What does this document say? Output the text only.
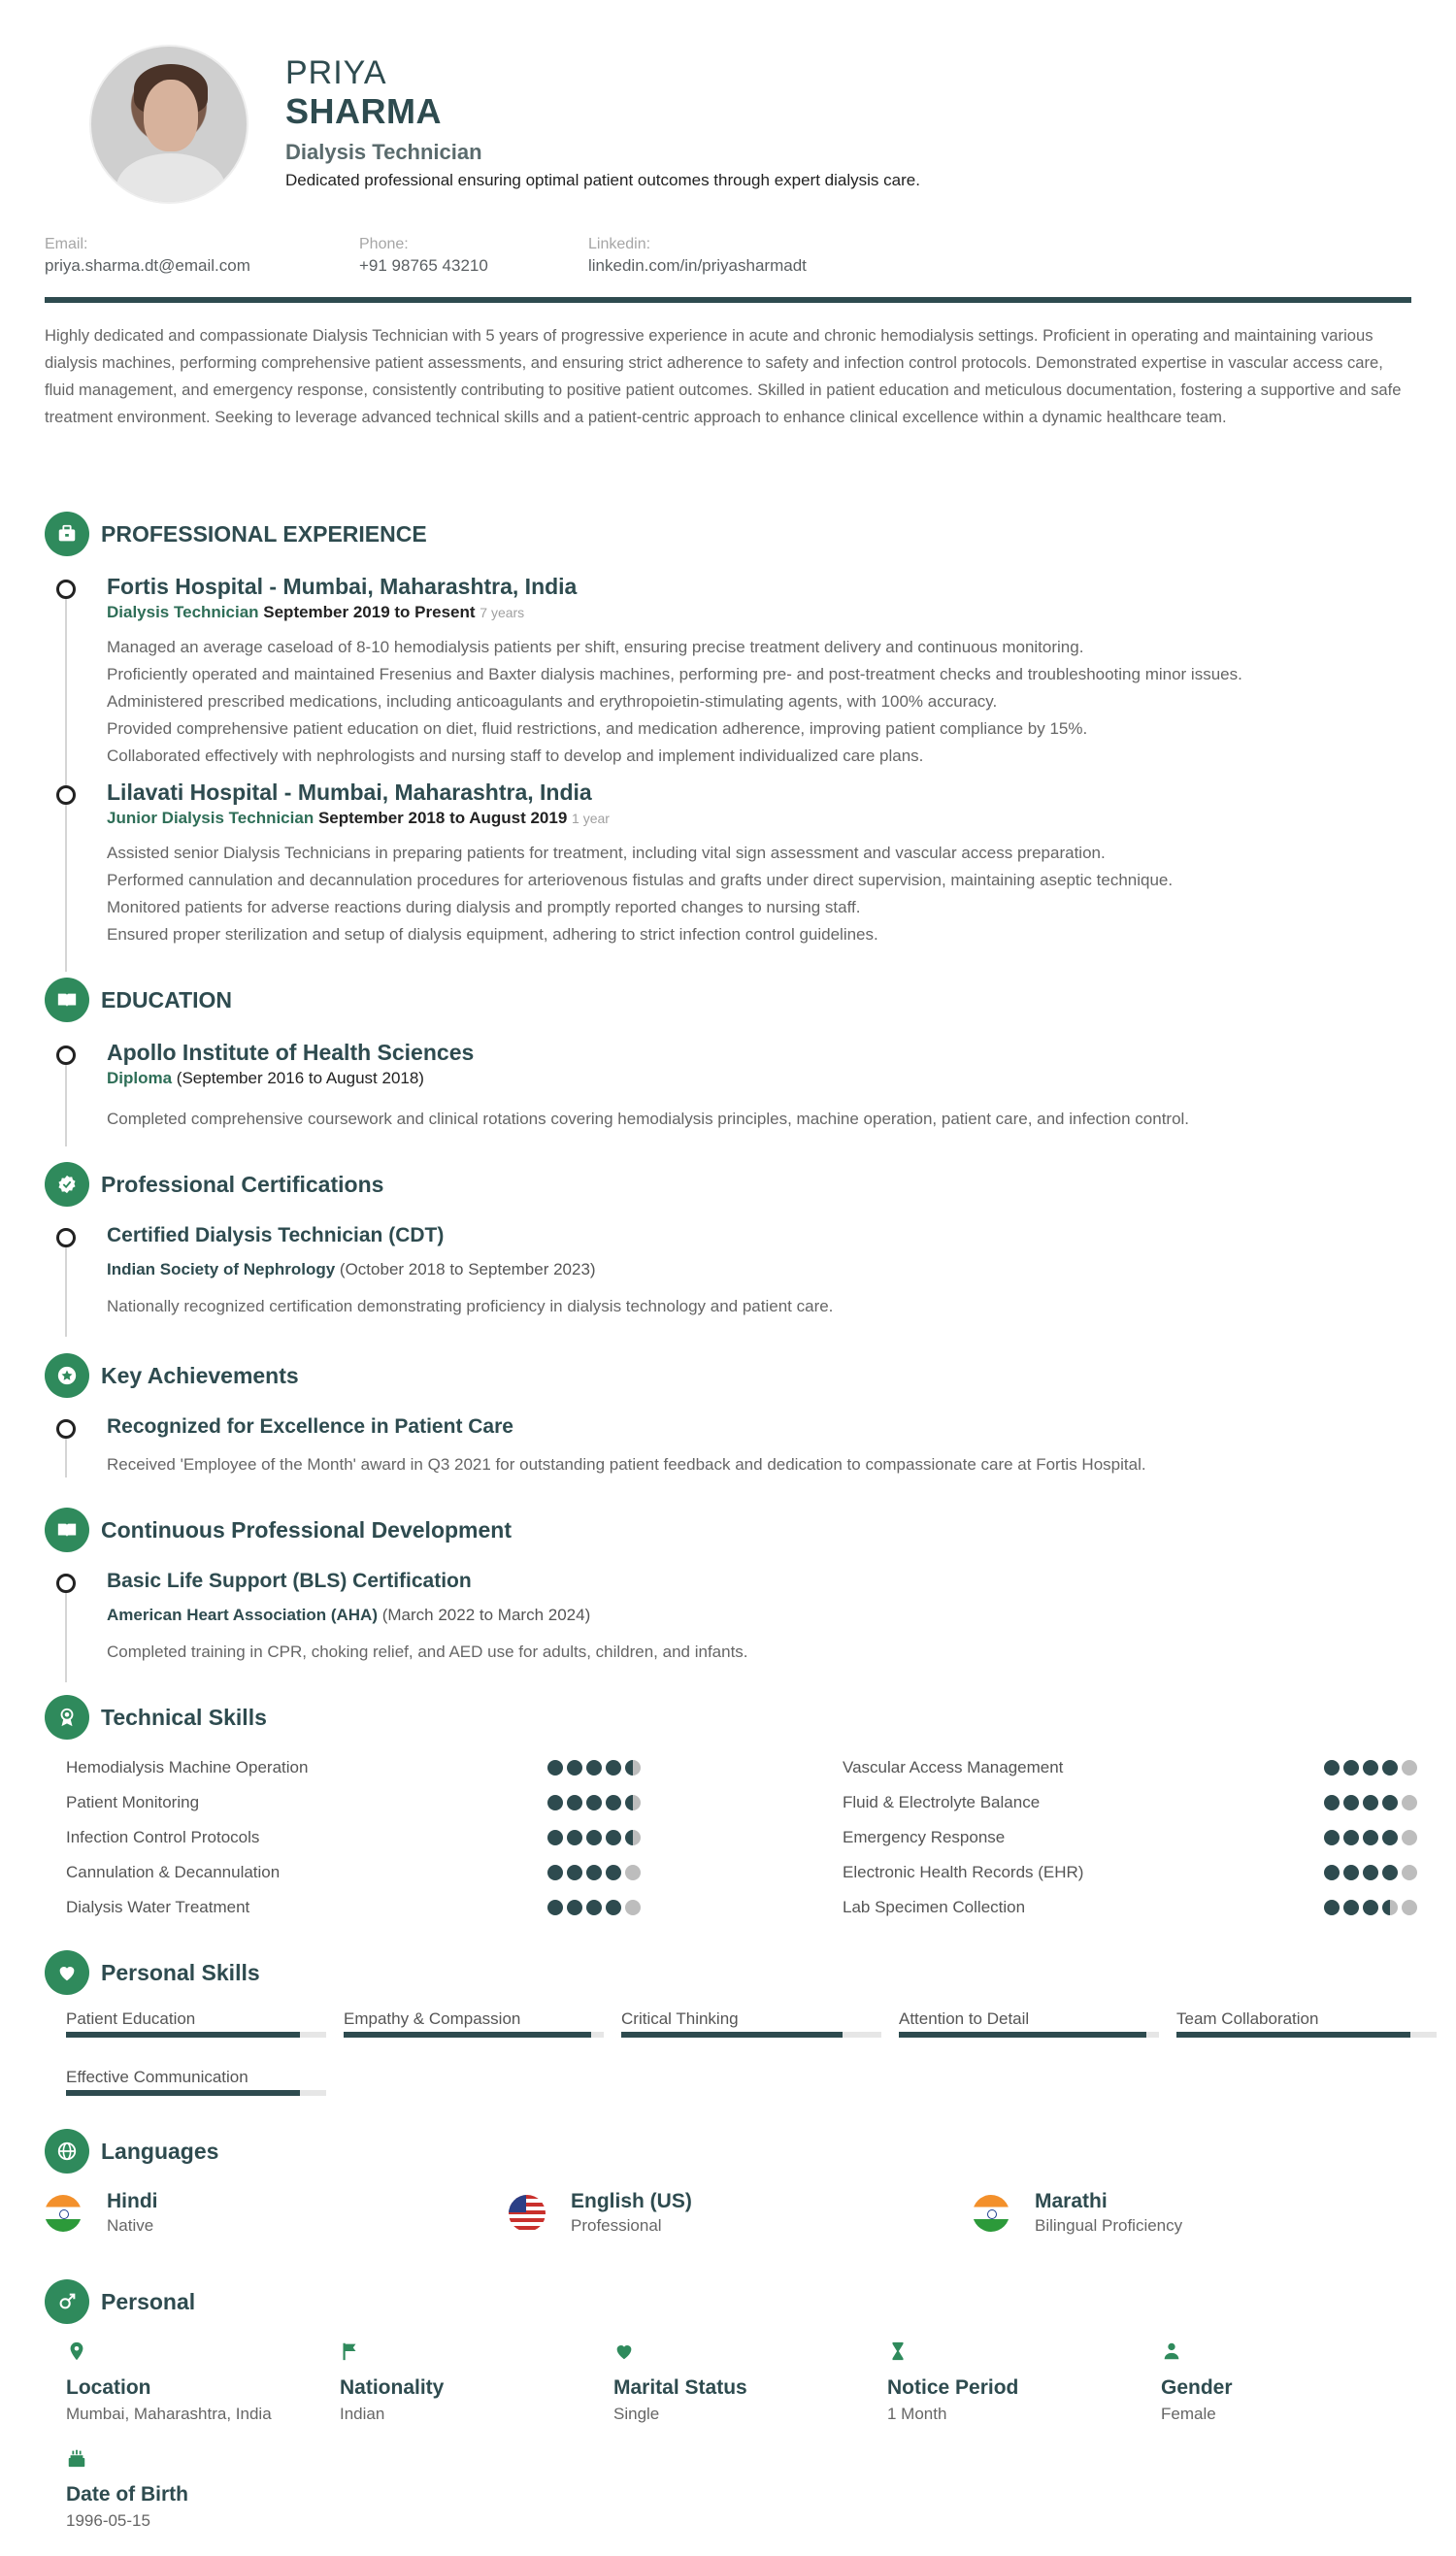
PRIYA
SHARMA
Dialysis Technician
Dedicated professional ensuring optimal patient outcomes through expert dialysis care.
Email:
priya.sharma.dt@email.com
Phone:
+91 98765 43210
Linkedin:
linkedin.com/in/priyasharmadt
Highly dedicated and compassionate Dialysis Technician with 5 years of progressive experience in acute and chronic hemodialysis settings. Proficient in operating and maintaining various dialysis machines, performing comprehensive patient assessments, and ensuring strict adherence to safety and infection control protocols. Demonstrated expertise in vascular access care, fluid management, and emergency response, consistently contributing to positive patient outcomes. Skilled in patient education and meticulous documentation, fostering a supportive and safe treatment environment. Seeking to leverage advanced technical skills and a patient-centric approach to enhance clinical excellence within a dynamic healthcare team.
PROFESSIONAL EXPERIENCE
Fortis Hospital - Mumbai, Maharashtra, India
Dialysis Technician September 2019 to Present 7 years
Managed an average caseload of 8-10 hemodialysis patients per shift, ensuring precise treatment delivery and continuous monitoring.
Proficiently operated and maintained Fresenius and Baxter dialysis machines, performing pre- and post-treatment checks and troubleshooting minor issues.
Administered prescribed medications, including anticoagulants and erythropoietin-stimulating agents, with 100% accuracy.
Provided comprehensive patient education on diet, fluid restrictions, and medication adherence, improving patient compliance by 15%.
Collaborated effectively with nephrologists and nursing staff to develop and implement individualized care plans.
Lilavati Hospital - Mumbai, Maharashtra, India
Junior Dialysis Technician September 2018 to August 2019 1 year
Assisted senior Dialysis Technicians in preparing patients for treatment, including vital sign assessment and vascular access preparation.
Performed cannulation and decannulation procedures for arteriovenous fistulas and grafts under direct supervision, maintaining aseptic technique.
Monitored patients for adverse reactions during dialysis and promptly reported changes to nursing staff.
Ensured proper sterilization and setup of dialysis equipment, adhering to strict infection control guidelines.
EDUCATION
Apollo Institute of Health Sciences
Diploma (September 2016 to August 2018)
Completed comprehensive coursework and clinical rotations covering hemodialysis principles, machine operation, patient care, and infection control.
Professional Certifications
Certified Dialysis Technician (CDT)
Indian Society of Nephrology (October 2018 to September 2023)
Nationally recognized certification demonstrating proficiency in dialysis technology and patient care.
Key Achievements
Recognized for Excellence in Patient Care
Received 'Employee of the Month' award in Q3 2021 for outstanding patient feedback and dedication to compassionate care at Fortis Hospital.
Continuous Professional Development
Basic Life Support (BLS) Certification
American Heart Association (AHA) (March 2022 to March 2024)
Completed training in CPR, choking relief, and AED use for adults, children, and infants.
Technical Skills
Hemodialysis Machine Operation	Vascular Access Management
Patient Monitoring	Fluid & Electrolyte Balance
Infection Control Protocols	Emergency Response
Cannulation & Decannulation	Electronic Health Records (EHR)
Dialysis Water Treatment	Lab Specimen Collection
Personal Skills
Patient Education	Empathy & Compassion	Critical Thinking	Attention to Detail	Team Collaboration
Effective Communication
Languages
Hindi
Native
English (US)
Professional
Marathi
Bilingual Proficiency
Personal
Location
Mumbai, Maharashtra, India
Nationality
Indian
Marital Status
Single
Notice Period
1 Month
Gender
Female
Date of Birth
1996-05-15
